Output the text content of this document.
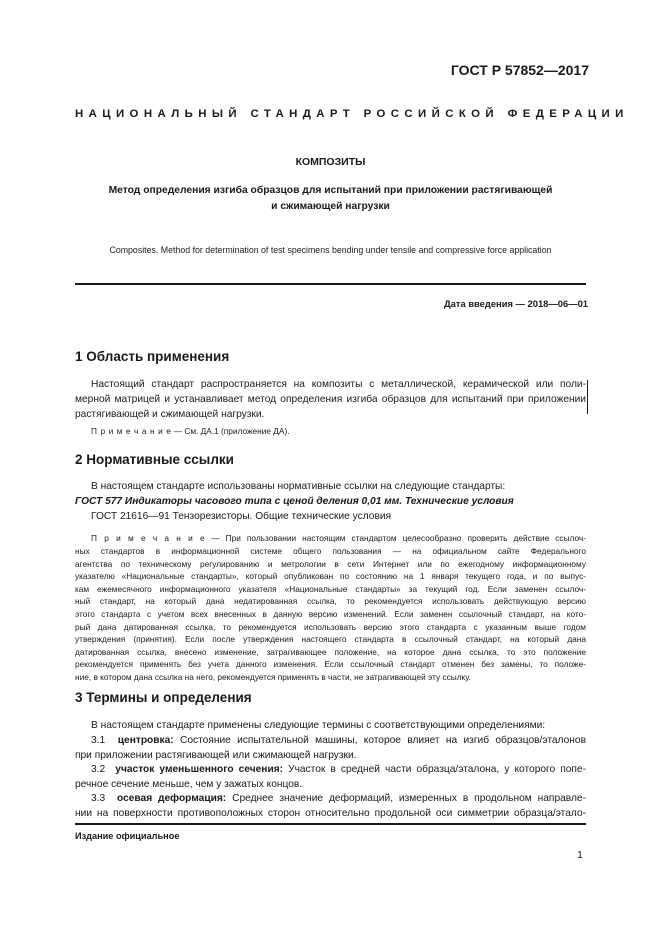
ГОСТ Р 57852—2017
НАЦИОНАЛЬНЫЙ СТАНДАРТ РОССИЙСКОЙ ФЕДЕРАЦИИ
КОМПОЗИТЫ
Метод определения изгиба образцов для испытаний при приложении растягивающей
и сжимающей нагрузки
Composites. Method for determination of test specimens bending under tensile and compressive force application
Дата введения — 2018—06—01
1 Область применения
Настоящий стандарт распространяется на композиты с металлической, керамической или поли-
мерной матрицей и устанавливает метод определения изгиба образцов для испытаний при приложении
растягивающей и сжимающей нагрузки.
П р и м е ч а н и е — См. ДА.1 (приложение ДА).
2 Нормативные ссылки
В настоящем стандарте использованы нормативные ссылки на следующие стандарты:
ГОСТ 577 Индикаторы часового типа с ценой деления 0,01 мм. Технические условия
ГОСТ 21616—91 Тензорезисторы. Общие технические условия
П р и м е ч а н и е — При пользовании настоящим стандартом целесообразно проверить действие ссылоч-
ных стандартов в информационной системе общего пользования — на официальном сайте Федерального
агентства по техническому регулированию и метрологии в сети Интернет или по ежегодному информационному
указателю «Национальные стандарты», который опубликован по состоянию на 1 января текущего года, и по выпус-
кам ежемесячного информационного указателя «Национальные стандарты» за текущий год. Если заменен ссылоч-
ный стандарт, на который дана недатированная ссылка, то рекомендуется использовать действующую версию
этого стандарта с учетом всех внесенных в данную версию изменений. Если заменен ссылочный стандарт, на кото-
рый дана датированная ссылка, то рекомендуется использовать версию этого стандарта с указанным выше годом
утверждения (принятия). Если после утверждения настоящего стандарта в ссылочный стандарт, на который дана
датированная ссылка, внесено изменение, затрагивающее положение, на которое дана ссылка, то это положение
рекомендуется применять без учета данного изменения. Если ссылочный стандарт отменен без замены, то положе-
ние, в котором дана ссылка на него, рекомендуется применять в части, не затрагивающей эту ссылку.
3 Термины и определения
В настоящем стандарте применены следующие термины с соответствующими определениями:
3.1 центровка: Состояние испытательной машины, которое влияет на изгиб образцов/эталонов
при приложении растягивающей или сжимающей нагрузки.
3.2 участок уменьшенного сечения: Участок в средней части образца/эталона, у которого попе-
речное сечение меньше, чем у зажатых концов.
3.3 осевая деформация: Среднее значение деформаций, измеренных в продольном направле-
нии на поверхности противоположных сторон относительно продольной оси симметрии образца/этало-
Издание официальное
1
